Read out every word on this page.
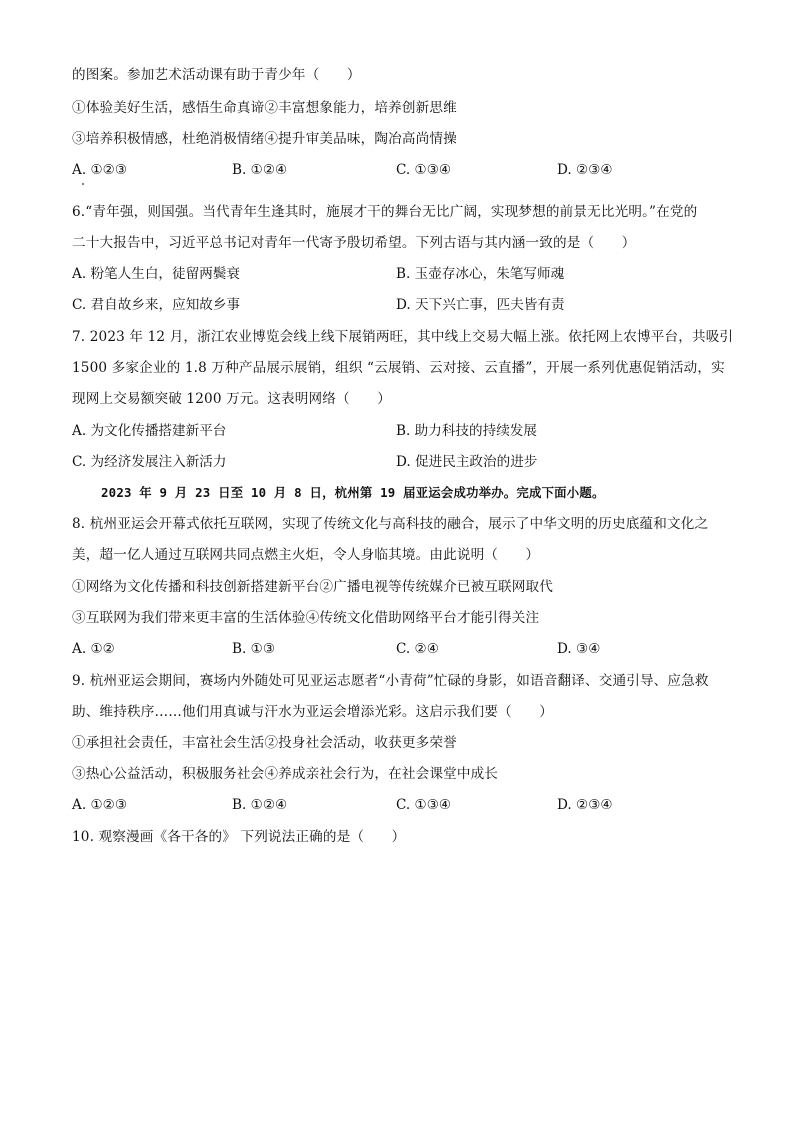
的图案。参加艺术活动课有助于青少年（　　）
①体验美好生活，感悟生命真谛②丰富想象能力，培养创新思维
③培养积极情感，杜绝消极情绪④提升审美品味，陶冶高尚情操
A. ①②③	B. ①②④	C. ①③④	D. ②③④
6.“青年强，则国强。当代青年生逢其时，施展才干的舞台无比广阔，实现梦想的前景无比光明。”在党的
二十大报告中，习近平总书记对青年一代寄予殷切希望。下列古语与其内涵一致的是（　　）
A. 粉笔人生白，徒留两鬓衰	B. 玉壶存冰心，朱笔写师魂
C. 君自故乡来，应知故乡事	D. 天下兴亡事，匹夫皆有责
7. 2023 年 12 月，浙江农业博览会线上线下展销两旺，其中线上交易大幅上涨。依托网上农博平台，共吸引
1500 多家企业的 1.8 万种产品展示展销，组织 “云展销、云对接、云直播”，开展一系列优惠促销活动，实
现网上交易额突破 1200 万元。这表明网络（　　）
A. 为文化传播搭建新平台	B. 助力科技的持续发展
C. 为经济发展注入新活力	D. 促进民主政治的进步
2023 年 9 月 23 日至 10 月 8 日，杭州第 19 届亚运会成功举办。完成下面小题。
8. 杭州亚运会开幕式依托互联网，实现了传统文化与高科技的融合，展示了中华文明的历史底蕴和文化之
美，超一亿人通过互联网共同点燃主火炬，令人身临其境。由此说明（　　）
①网络为文化传播和科技创新搭建新平台②广播电视等传统媒介已被互联网取代
③互联网为我们带来更丰富的生活体验④传统文化借助网络平台才能引得关注
A. ①②	B. ①③	C. ②④	D. ③④
9. 杭州亚运会期间，赛场内外随处可见亚运志愿者“小青荷”忙碌的身影，如语音翻译、交通引导、应急救
助、维持秩序……他们用真诚与汗水为亚运会增添光彩。这启示我们要（　　）
①承担社会责任，丰富社会生活②投身社会活动，收获更多荣誉
③热心公益活动，积极服务社会④养成亲社会行为，在社会课堂中成长
A. ①②③	B. ①②④	C. ①③④	D. ②③④
10. 观察漫画《各干各的》 下列说法正确的是（　　）
